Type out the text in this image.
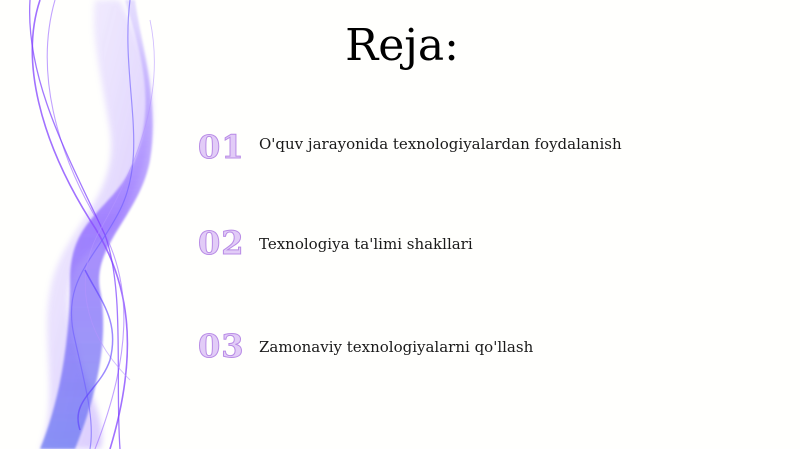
Reja:
01 O'quv jarayonida texnologiyalardan foydalanish
02 Texnologiya ta'limi shakllari
03 Zamonaviy texnologiyalarni qo'llash
